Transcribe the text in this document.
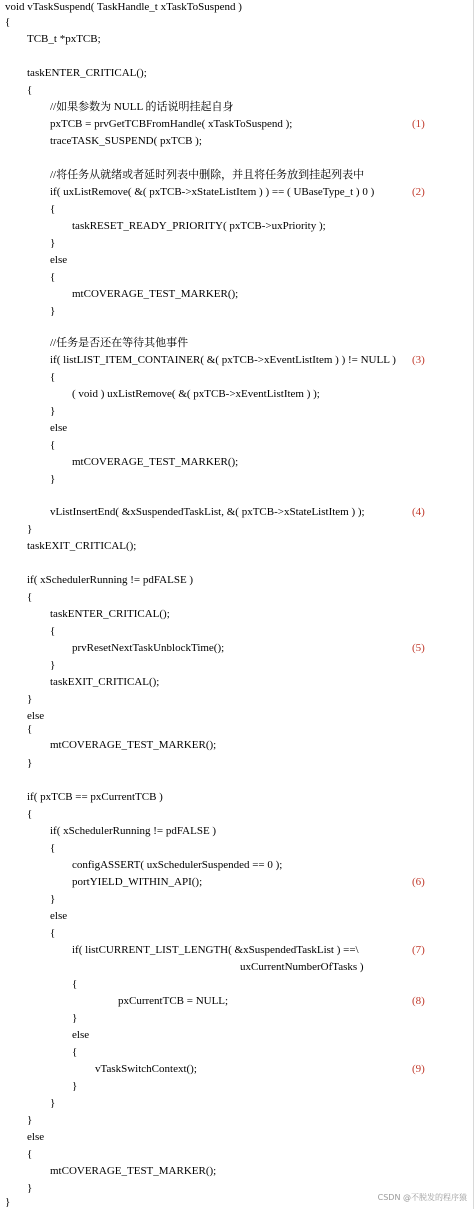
void vTaskSuspend( TaskHandle_t xTaskToSuspend )
{
TCB_t *pxTCB;
taskENTER_CRITICAL();
{
//如果参数为 NULL 的话说明挂起自身
pxTCB = prvGetTCBFromHandle( xTaskToSuspend );
traceTASK_SUSPEND( pxTCB );
//将任务从就绪或者延时列表中删除，并且将任务放到挂起列表中
if( uxListRemove( &( pxTCB->xStateListItem ) ) == ( UBaseType_t ) 0 )
{
taskRESET_READY_PRIORITY( pxTCB->uxPriority );
}
else
{
mtCOVERAGE_TEST_MARKER();
}
//任务是否还在等待其他事件
if( listLIST_ITEM_CONTAINER( &( pxTCB->xEventListItem ) ) != NULL )
{
( void ) uxListRemove( &( pxTCB->xEventListItem ) );
}
else
{
mtCOVERAGE_TEST_MARKER();
}
vListInsertEnd( &xSuspendedTaskList, &( pxTCB->xStateListItem ) );
}
taskEXIT_CRITICAL();
if( xSchedulerRunning != pdFALSE )
{
taskENTER_CRITICAL();
{
prvResetNextTaskUnblockTime();
}
taskEXIT_CRITICAL();
}
else
{
mtCOVERAGE_TEST_MARKER();
}
if( pxTCB == pxCurrentTCB )
{
if( xSchedulerRunning != pdFALSE )
{
configASSERT( uxSchedulerSuspended == 0 );
portYIELD_WITHIN_API();
}
else
{
if( listCURRENT_LIST_LENGTH( &xSuspendedTaskList ) ==\
uxCurrentNumberOfTasks )
{
pxCurrentTCB = NULL;
}
else
{
vTaskSwitchContext();
}
}
}
else
{
mtCOVERAGE_TEST_MARKER();
}
}
(1)
(2)
(3)
(4)
(5)
(6)
(7)
(8)
(9)
CSDN @不脱发的程序猿
